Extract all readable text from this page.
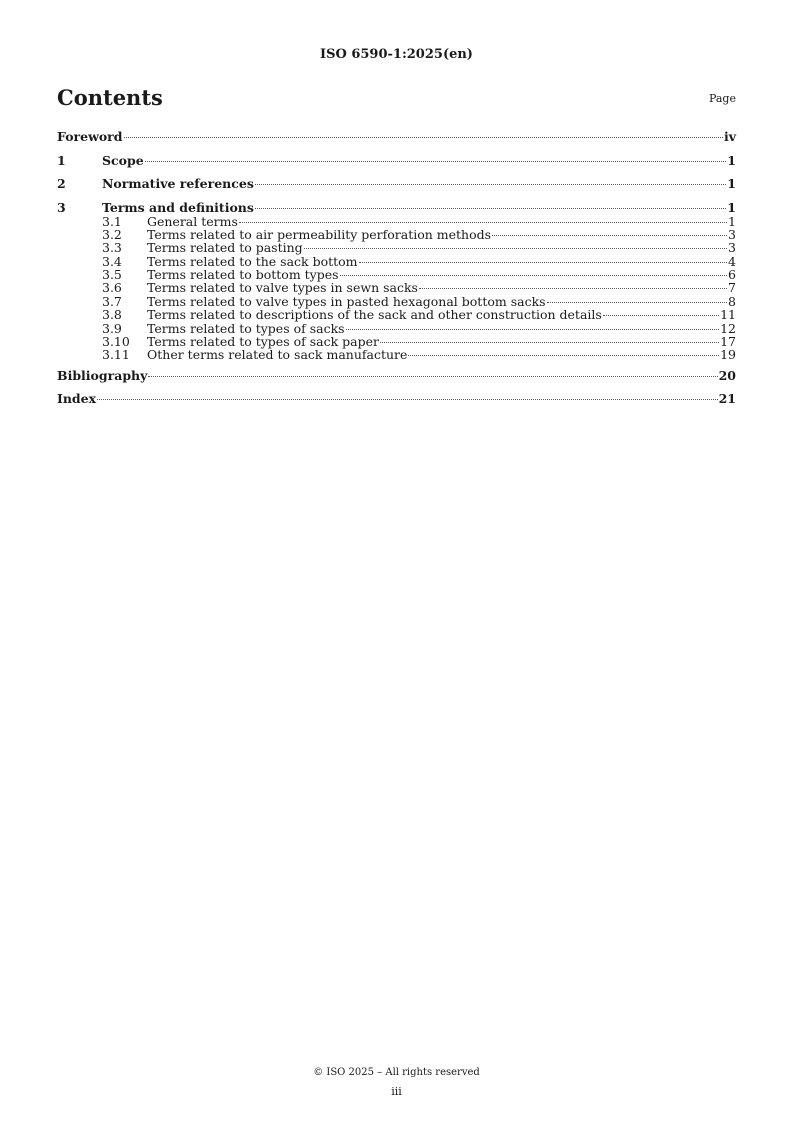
ISO 6590-1:2025(en)
Contents	Page
Foreword	iv
1	Scope	1
2	Normative references	1
3	Terms and definitions	1
3.1	General terms	1
3.2	Terms related to air permeability perforation methods	3
3.3	Terms related to pasting	3
3.4	Terms related to the sack bottom	4
3.5	Terms related to bottom types	6
3.6	Terms related to valve types in sewn sacks	7
3.7	Terms related to valve types in pasted hexagonal bottom sacks	8
3.8	Terms related to descriptions of the sack and other construction details	11
3.9	Terms related to types of sacks	12
3.10	Terms related to types of sack paper	17
3.11	Other terms related to sack manufacture	19
Bibliography	20
Index	21
© ISO 2025 – All rights reserved
iii
